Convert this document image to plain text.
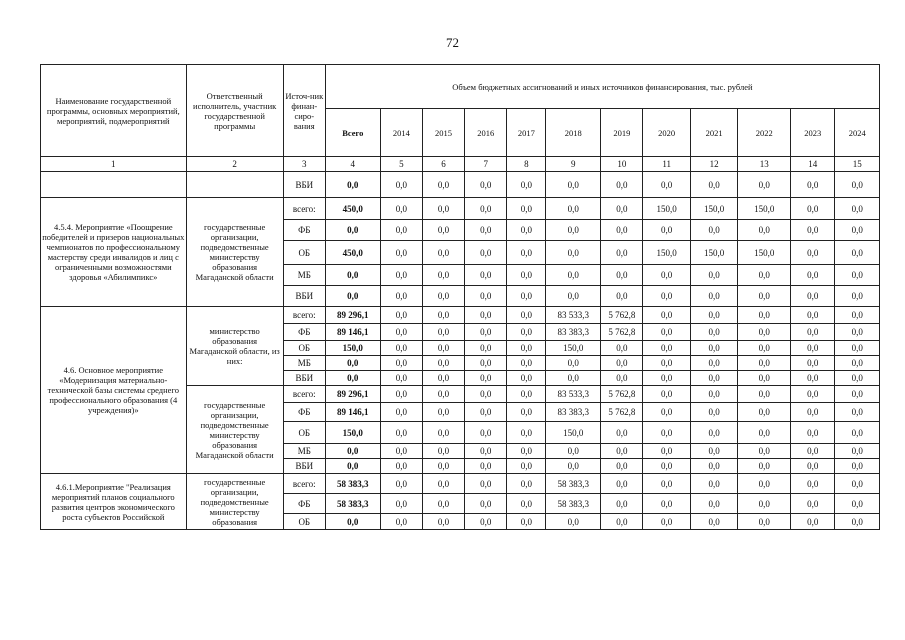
72
Наименование государственной программы, основных мероприятий, мероприятий, подмероприятий	Ответственный исполнитель, участник государственной программы	Источ-ник финан-сиро-вания	Объем бюджетных ассигнований и иных источников финансирования, тыс. рублей											
			Всего	2014	2015	2016	2017	2018	2019	2020	2021	2022	2023	2024
1	2	3	4	5	6	7	8	9	10	11	12	13	14	15
		ВБИ	0,0	0,0	0,0	0,0	0,0	0,0	0,0	0,0	0,0	0,0	0,0	0,0
4.5.4. Мероприятие «Поощрение победителей и призеров национальных чемпионатов по профессиональному мастерству среди инвалидов и лиц с ограниченными возможностями здоровья «Абилимпикс»	государственные организации, подведомственные министерству образования Магаданской области	всего:	450,0	0,0	0,0	0,0	0,0	0,0	0,0	150,0	150,0	150,0	0,0	0,0
		ФБ	0,0	0,0	0,0	0,0	0,0	0,0	0,0	0,0	0,0	0,0	0,0	0,0
		ОБ	450,0	0,0	0,0	0,0	0,0	0,0	0,0	150,0	150,0	150,0	0,0	0,0
		МБ	0,0	0,0	0,0	0,0	0,0	0,0	0,0	0,0	0,0	0,0	0,0	0,0
		ВБИ	0,0	0,0	0,0	0,0	0,0	0,0	0,0	0,0	0,0	0,0	0,0	0,0
4.6. Основное мероприятие «Модернизация материально-технической базы системы среднего профессионального образования (4 учреждения)»	министерство образования Магаданской области, из них:	всего:	89 296,1	0,0	0,0	0,0	0,0	83 533,3	5 762,8	0,0	0,0	0,0	0,0	0,0
		ФБ	89 146,1	0,0	0,0	0,0	0,0	83 383,3	5 762,8	0,0	0,0	0,0	0,0	0,0
		ОБ	150,0	0,0	0,0	0,0	0,0	150,0	0,0	0,0	0,0	0,0	0,0	0,0
		МБ	0,0	0,0	0,0	0,0	0,0	0,0	0,0	0,0	0,0	0,0	0,0	0,0
		ВБИ	0,0	0,0	0,0	0,0	0,0	0,0	0,0	0,0	0,0	0,0	0,0	0,0
	государственные организации, подведомственные министерству образования Магаданской области	всего:	89 296,1	0,0	0,0	0,0	0,0	83 533,3	5 762,8	0,0	0,0	0,0	0,0	0,0
		ФБ	89 146,1	0,0	0,0	0,0	0,0	83 383,3	5 762,8	0,0	0,0	0,0	0,0	0,0
		ОБ	150,0	0,0	0,0	0,0	0,0	150,0	0,0	0,0	0,0	0,0	0,0	0,0
		МБ	0,0	0,0	0,0	0,0	0,0	0,0	0,0	0,0	0,0	0,0	0,0	0,0
		ВБИ	0,0	0,0	0,0	0,0	0,0	0,0	0,0	0,0	0,0	0,0	0,0	0,0
4.6.1.Мероприятие "Реализация мероприятий планов социального развития центров экономического роста субъектов Российской	государственные организации, подведомственные министерству образования	всего:	58 383,3	0,0	0,0	0,0	0,0	58 383,3	0,0	0,0	0,0	0,0	0,0	0,0
		ФБ	58 383,3	0,0	0,0	0,0	0,0	58 383,3	0,0	0,0	0,0	0,0	0,0	0,0
		ОБ	0,0	0,0	0,0	0,0	0,0	0,0	0,0	0,0	0,0	0,0	0,0	0,0
